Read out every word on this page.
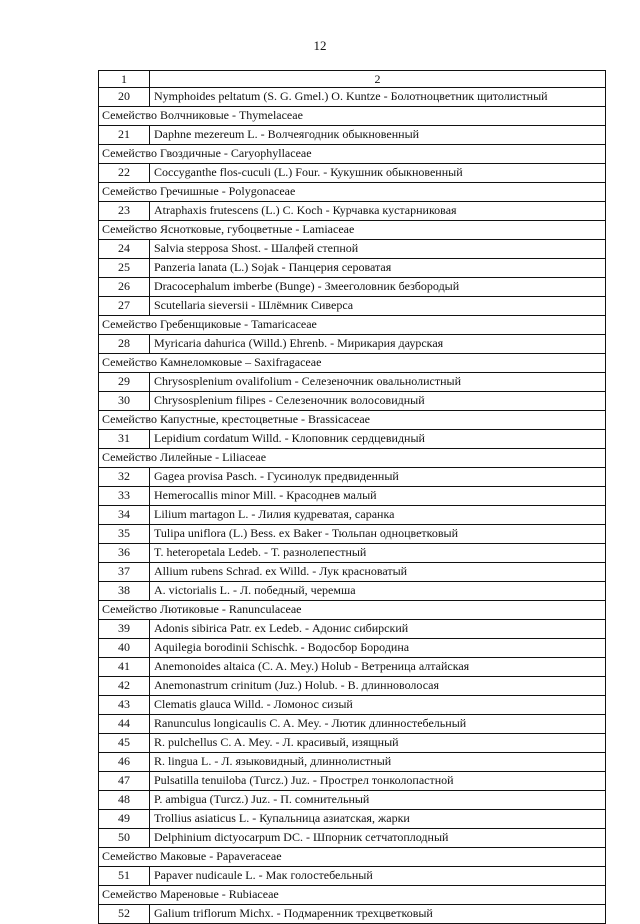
12
1	2
20	Nymphoides peltatum (S. G. Gmel.) O. Kuntze - Болотноцветник щитолистный
Семейство Волчниковые - Thymelaceae	
21	Daphne mezereum L. - Волчеягодник обыкновенный
Семейство Гвоздичные - Caryophyllaceae	
22	Coccyganthe flos-cuculi (L.) Four. - Кукушник обыкновенный
Семейство Гречишные - Polygonaceae	
23	Atraphaxis frutescens (L.) C. Koch - Курчавка кустарниковая
Семейство Яснотковые, губоцветные - Lamiaceae	
24	Salvia stepposa Shost. - Шалфей степной
25	Panzeria lanata (L.) Sojak - Панцерия сероватая
26	Dracocephalum imberbe (Bunge) - Змееголовник безбородый
27	Scutellaria sieversii - Шлёмник Сиверса
Семейство Гребенщиковые - Tamaricaceae	
28	Myricaria dahurica (Willd.) Ehrenb. - Мирикария даурская
Семейство Камнеломковые – Saxifragaceae	
29	Chrysosplenium ovalifolium - Селезеночник овальнолистный
30	Chrysosplenium filipes - Селезеночник волосовидный
Семейство Капустные, крестоцветные - Brassicaceae	
31	Lepidium cordatum Willd. - Клоповник сердцевидный
Семейство Лилейные - Liliaceae	
32	Gagea provisa Pasch. - Гусинолук предвиденный
33	Hemerocallis minor Mill. - Красоднев малый
34	Lilium martagon L. - Лилия кудреватая, саранка
35	Tulipa uniflora (L.) Bess. ex Baker - Тюльпан одноцветковый
36	T. heteropetala Ledeb. - Т. разнолепестный
37	Allium rubens Schrad. ex Willd. - Лук красноватый
38	A. victorialis L. - Л. победный, черемша
Семейство Лютиковые - Ranunculaceae	
39	Adonis sibirica Patr. ex Ledeb. - Адонис сибирский
40	Aquilegia borodinii Schischk. - Водосбор Бородина
41	Anemonoides altaica (C. A. Mey.) Holub - Ветреница алтайская
42	Anemonastrum crinitum (Juz.) Holub. - В. длинноволосая
43	Clematis glauca Willd. - Ломонос сизый
44	Ranunculus longicaulis C. A. Mey. - Лютик длинностебельный
45	R. pulchellus C. A. Mey. - Л. красивый, изящный
46	R. lingua L. - Л. языковидный, длиннолистный
47	Pulsatilla tenuiloba (Turcz.) Juz. - Прострел тонколопастной
48	P. ambigua (Turcz.) Juz. - П. сомнительный
49	Trollius asiaticus L. - Купальница азиатская, жарки
50	Delphinium dictyocarpum DC. - Шпорник сетчатоплодный
Семейство Маковые - Papaveraceae	
51	Papaver nudicaule L. - Мак голостебельный
Семейство Мареновые - Rubiaceae	
52	Galium triflorum Michx. - Подмаренник трехцветковый
